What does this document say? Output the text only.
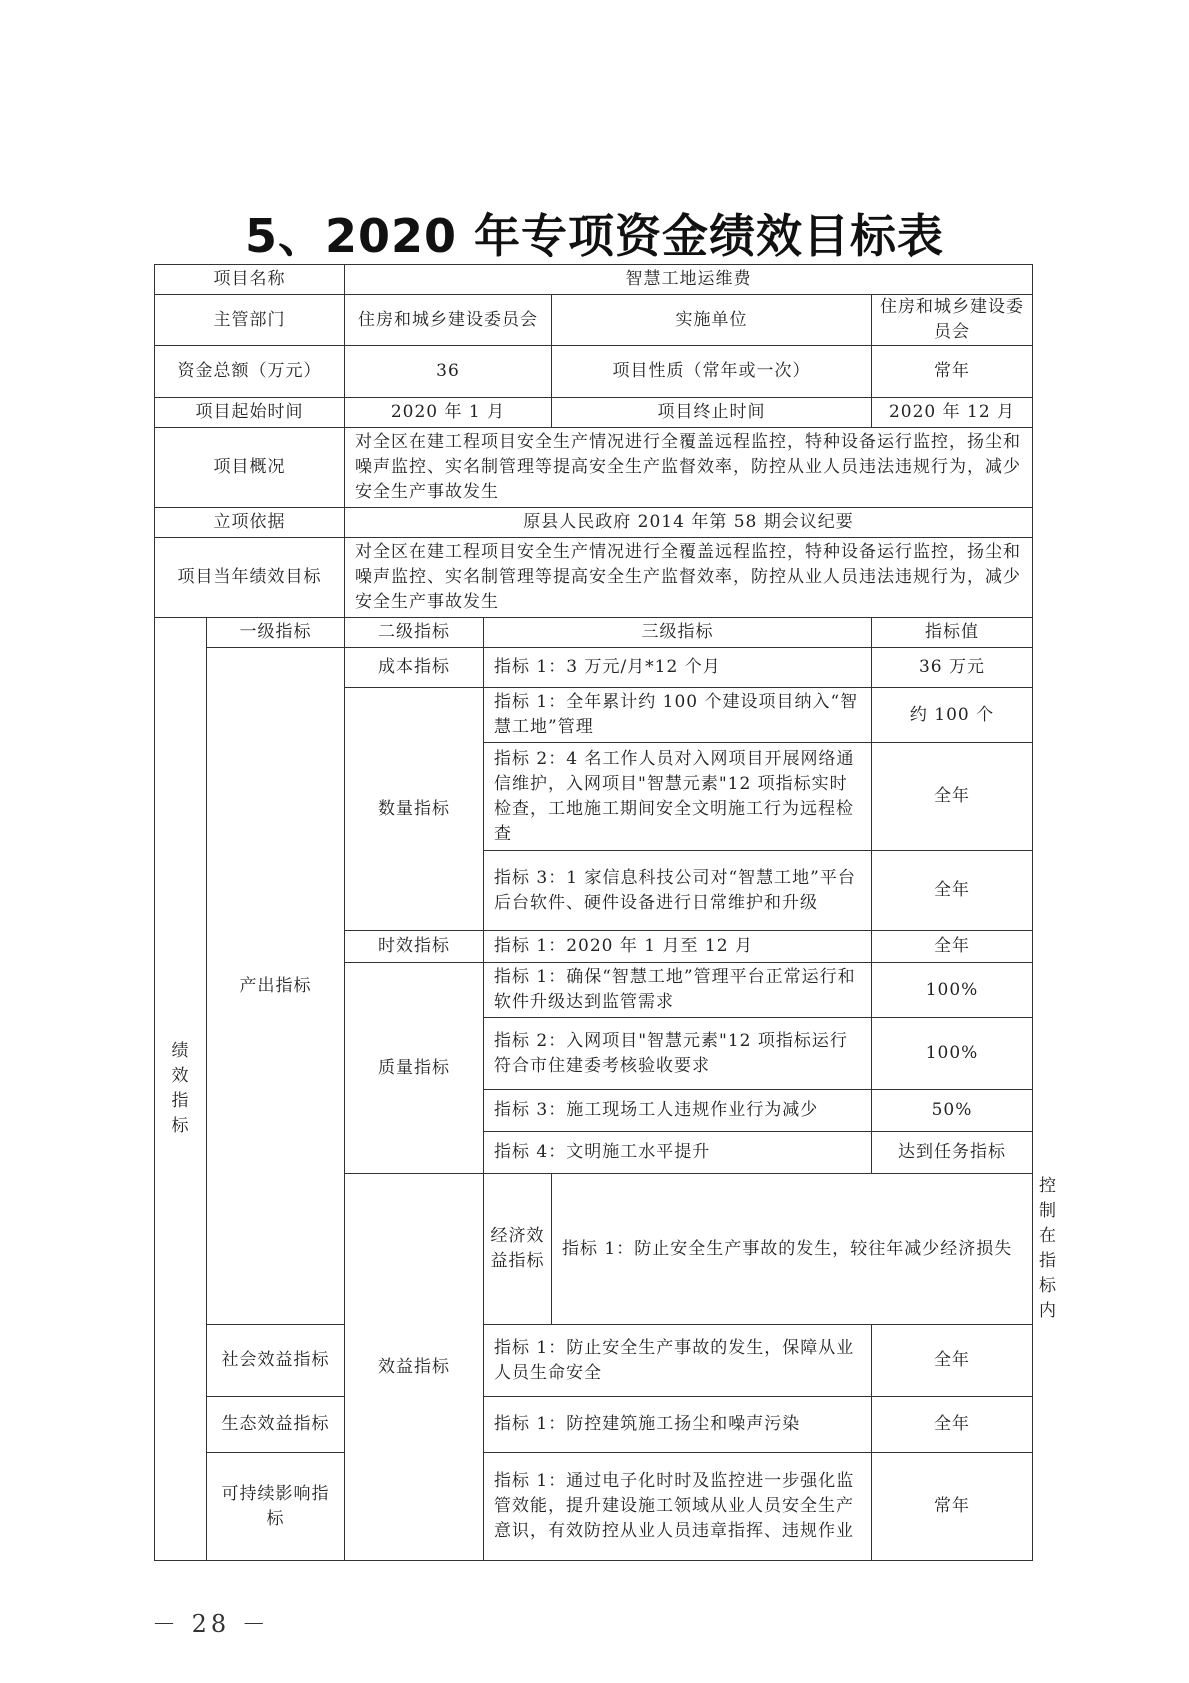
5、2020 年专项资金绩效目标表
项目名称		智慧工地运维费				
主管部门		住房和城乡建设委员会		实施单位	住房和城乡建设委员会	
资金总额（万元）		36		项目性质（常年或一次）	常年	
项目起始时间		2020 年 1 月		项目终止时间	2020 年 12 月	
项目概况		对全区在建工程项目安全生产情况进行全覆盖远程监控，特种设备运行监控，扬尘和噪声监控、实名制管理等提高安全生产监督效率，防控从业人员违法违规行为，减少安全生产事故发生				
立项依据		原县人民政府 2014 年第 58 期会议纪要				
项目当年绩效目标		对全区在建工程项目安全生产情况进行全覆盖远程监控，特种设备运行监控，扬尘和噪声监控、实名制管理等提高安全生产监督效率，防控从业人员违法违规行为，减少安全生产事故发生				

绩
效
指
标	一级指标	二级指标	三级指标		指标值	
	产出指标	成本指标	指标 1：3 万元/月*12 个月		36 万元	
		数量指标	指标 1：全年累计约 100 个建设项目纳入“智慧工地”管理		约 100 个	
			指标 2：4 名工作人员对入网项目开展网络通信维护，入网项目"智慧元素"12 项指标实时检查，工地施工期间安全文明施工行为远程检查		全年	
			指标 3：1 家信息科技公司对“智慧工地”平台后台软件、硬件设备进行日常维护和升级		全年	
		时效指标	指标 1：2020 年 1 月至 12 月		全年	
		质量指标	指标 1：确保“智慧工地”管理平台正常运行和软件升级达到监管需求		100%	
			指标 2：入网项目"智慧元素"12 项指标运行符合市住建委考核验收要求		100%	
			指标 3：施工现场工人违规作业行为减少		50%	
			指标 4：文明施工水平提升		达到任务指标	
		效益指标	经济效益指标	指标 1：防止安全生产事故的发生，较往年减少经济损失		控制在指标内
	社会效益指标		指标 1：防止安全生产事故的发生，保障从业人员生命安全		全年	
	生态效益指标		指标 1：防控建筑施工扬尘和噪声污染		全年	
	可持续影响指标		指标 1：通过电子化时时及监控进一步强化监管效能，提升建设施工领域从业人员安全生产意识，有效防控从业人员违章指挥、违规作业		常年	
－ 28 －
